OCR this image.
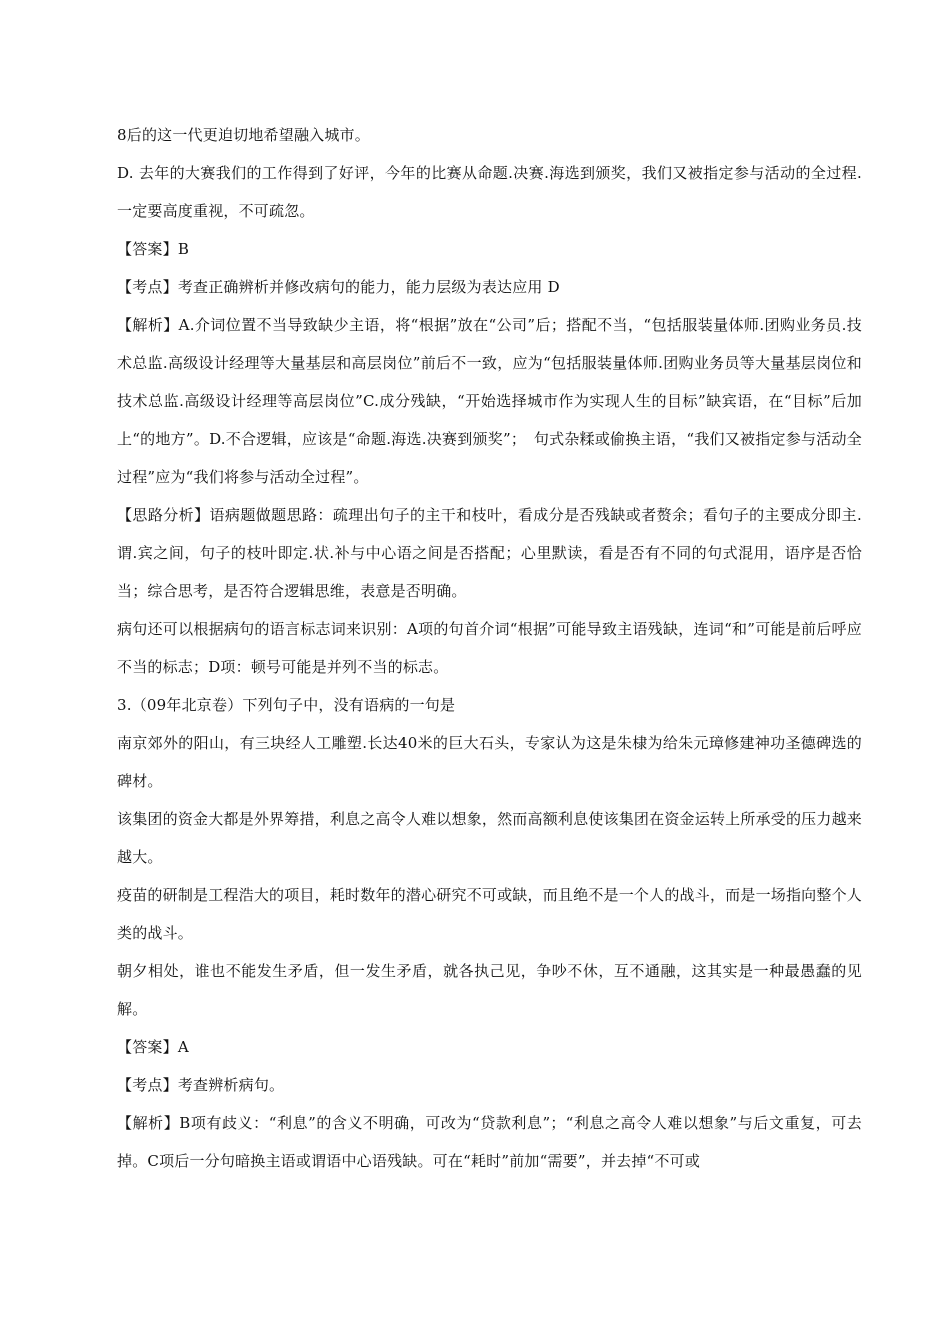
8后的这一代更迫切地希望融入城市。

D. 去年的大赛我们的工作得到了好评，今年的比赛从命题.决赛.海选到颁奖，我们又被指定参与活动的全过程.一定要高度重视，不可疏忽。

【答案】B

【考点】考查正确辨析并修改病句的能力，能力层级为表达应用 D

【解析】A.介词位置不当导致缺少主语，将“根据”放在“公司”后；搭配不当，“包括服装量体师.团购业务员.技术总监.高级设计经理等大量基层和高层岗位”前后不一致，应为“包括服装量体师.团购业务员等大量基层岗位和技术总监.高级设计经理等高层岗位”C.成分残缺，“开始选择城市作为实现人生的目标”缺宾语，在“目标”后加上“的地方”。D.不合逻辑，应该是“命题.海选.决赛到颁奖”；　句式杂糅或偷换主语，“我们又被指定参与活动全过程”应为“我们将参与活动全过程”。

【思路分析】语病题做题思路：疏理出句子的主干和枝叶，看成分是否残缺或者赘余；看句子的主要成分即主.谓.宾之间，句子的枝叶即定.状.补与中心语之间是否搭配；心里默读，看是否有不同的句式混用，语序是否恰当；综合思考，是否符合逻辑思维，表意是否明确。

病句还可以根据病句的语言标志词来识别：A项的句首介词“根据”可能导致主语残缺，连词“和”可能是前后呼应不当的标志；D项：顿号可能是并列不当的标志。

3.（09年北京卷）下列句子中，没有语病的一句是

南京郊外的阳山，有三块经人工雕塑.长达40米的巨大石头，专家认为这是朱棣为给朱元璋修建神功圣德碑选的碑材。

该集团的资金大都是外界筹措，利息之高令人难以想象，然而高额利息使该集团在资金运转上所承受的压力越来越大。

疫苗的研制是工程浩大的项目，耗时数年的潜心研究不可或缺，而且绝不是一个人的战斗，而是一场指向整个人类的战斗。

朝夕相处，谁也不能发生矛盾，但一发生矛盾，就各执己见，争吵不休，互不通融，这其实是一种最愚蠢的见解。

【答案】A

【考点】考查辨析病句。

【解析】B项有歧义：“利息”的含义不明确，可改为“贷款利息”；“利息之高令人难以想象”与后文重复，可去掉。C项后一分句暗换主语或谓语中心语残缺。可在“耗时”前加“需要”，并去掉“不可或
